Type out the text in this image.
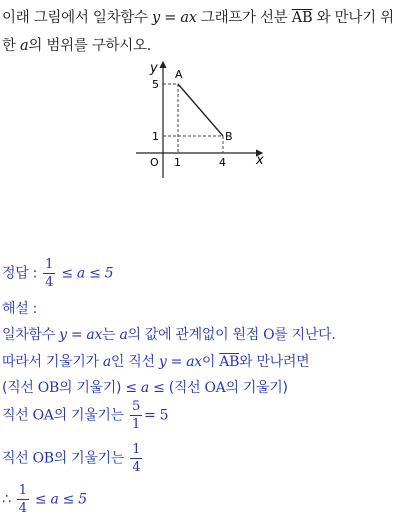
이래 그림에서 일차함수 y = ax 그래프가 선분 $\overline{AB}$ 와 만나기 위
한 a의 범위를 구하시오.
y
x
O
A
B
5
1
1	4
정답 : $\frac{1}{4} \le a \le 5$
해설 :
일차함수 y = ax는 a의 값에 관계없이 원점 O를 지난다.
따라서 기울기가 a인 직선 y = ax이 $\overline{AB}$와 만나려면
(직선 OB의 기울기) ≤ a ≤ (직선 OA의 기울기)
직선 OA의 기울기는 $\frac{5}{1} = 5$
직선 OB의 기울기는 $\frac{1}{4}$
∴ $\frac{1}{4} \le a \le 5$
